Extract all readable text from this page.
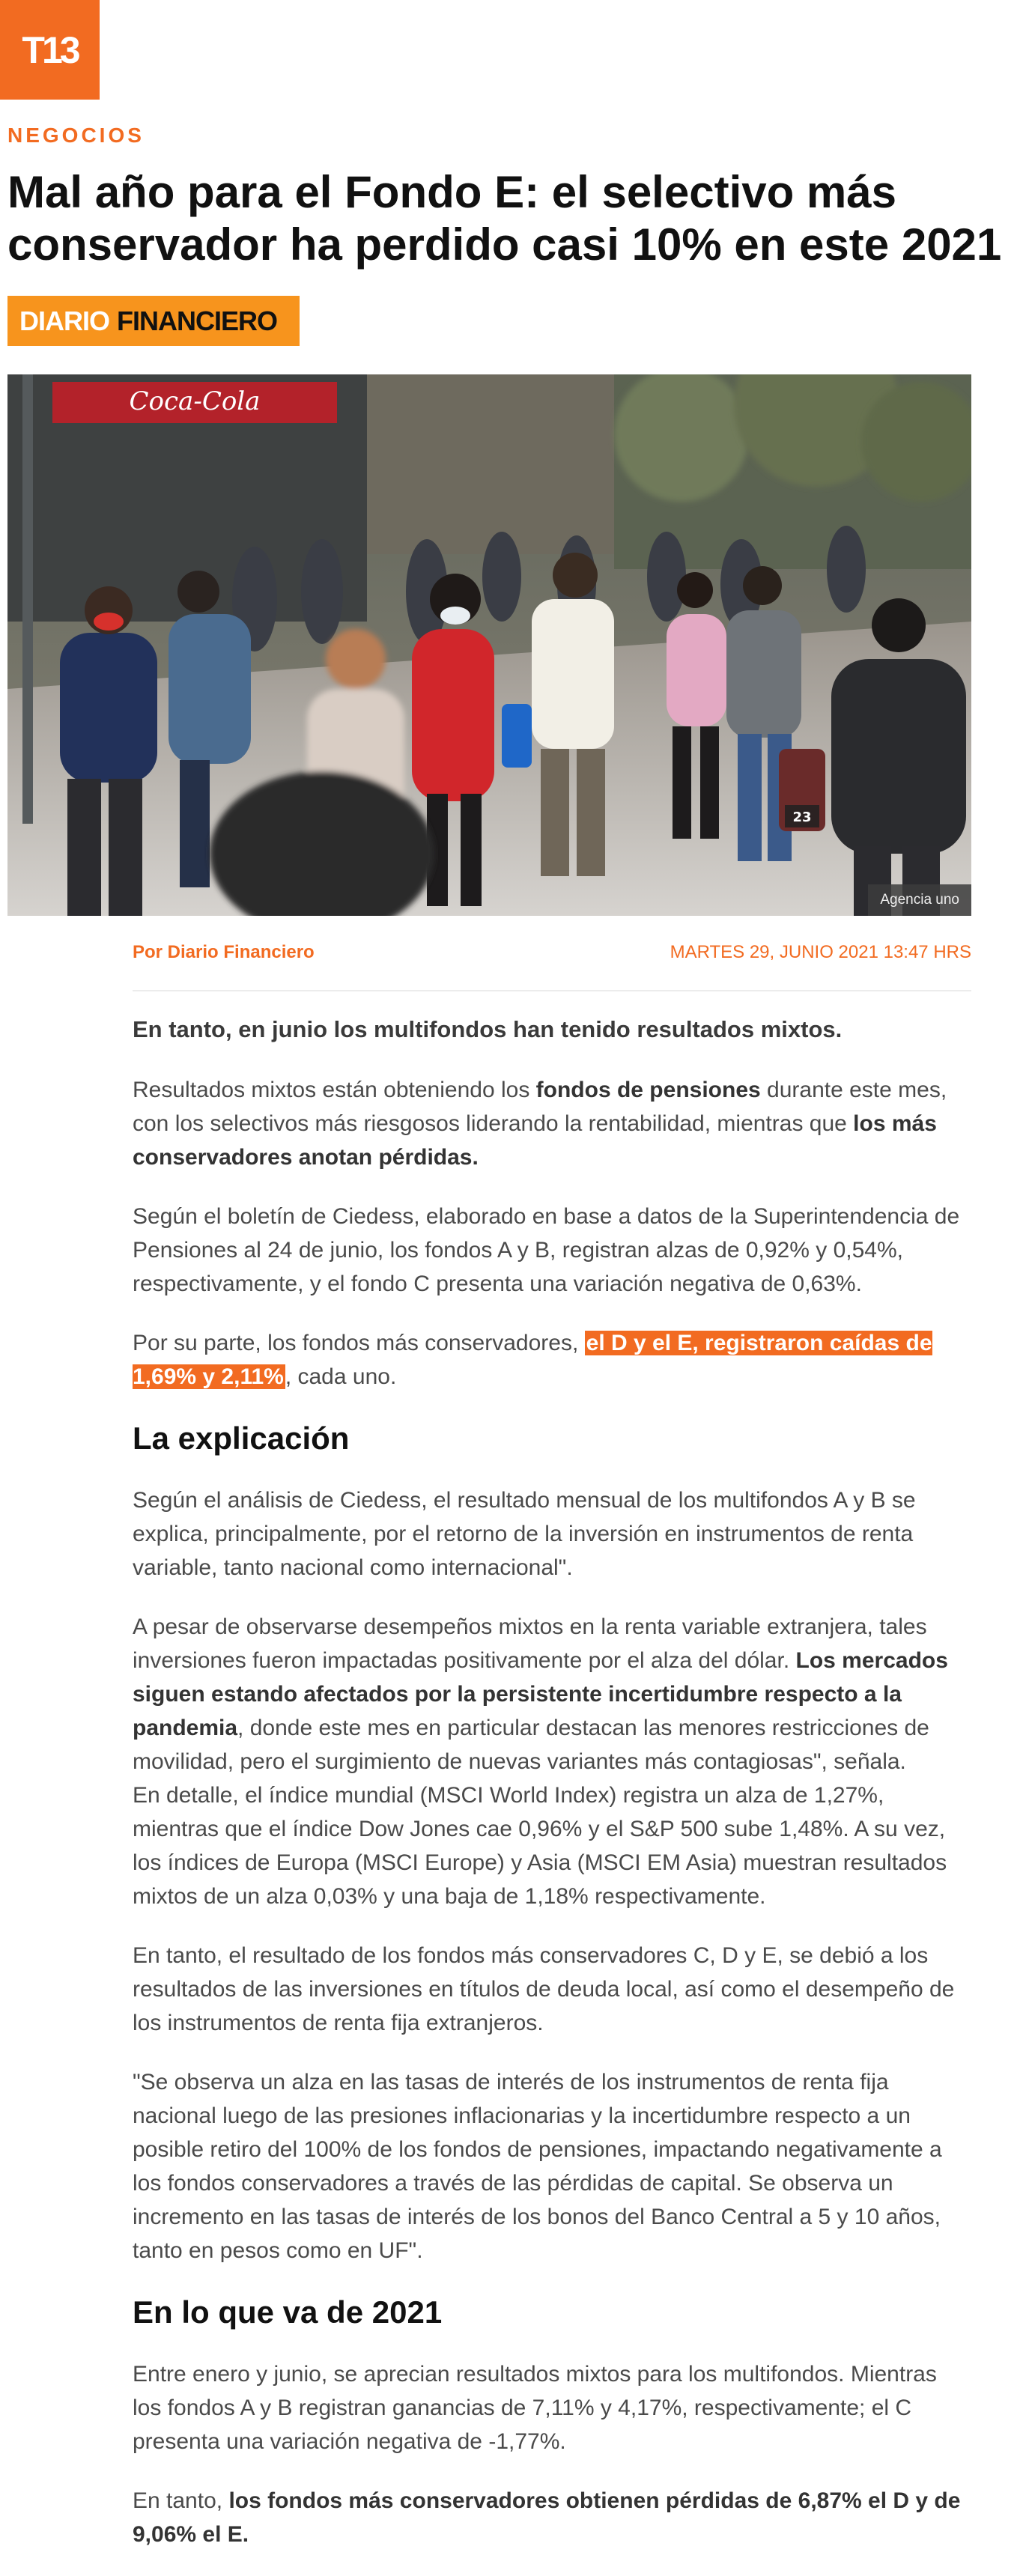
T13
NEGOCIOS
Mal año para el Fondo E: el selectivo más conservador ha perdido casi 10% en este 2021
DIARIO FINANCIERO
Coca-Cola
23
Agencia uno
Por Diario Financiero	MARTES 29, JUNIO 2021 13:47 HRS

En tanto, en junio los multifondos han tenido resultados mixtos.

Resultados mixtos están obteniendo los fondos de pensiones durante este mes, con los selectivos más riesgosos liderando la rentabilidad, mientras que los más conservadores anotan pérdidas.

Según el boletín de Ciedess, elaborado en base a datos de la Superintendencia de Pensiones al 24 de junio, los fondos A y B, registran alzas de 0,92% y 0,54%, respectivamente, y el fondo C presenta una variación negativa de 0,63%.

Por su parte, los fondos más conservadores, el D y el E, registraron caídas de 1,69% y 2,11%, cada uno.

La explicación

Según el análisis de Ciedess, el resultado mensual de los multifondos A y B se explica, principalmente, por el retorno de la inversión en instrumentos de renta variable, tanto nacional como internacional".

A pesar de observarse desempeños mixtos en la renta variable extranjera, tales inversiones fueron impactadas positivamente por el alza del dólar. Los mercados siguen estando afectados por la persistente incertidumbre respecto a la pandemia, donde este mes en particular destacan las menores restricciones de movilidad, pero el surgimiento de nuevas variantes más contagiosas", señala.

En detalle, el índice mundial (MSCI World Index) registra un alza de 1,27%, mientras que el índice Dow Jones cae 0,96% y el S&P 500 sube 1,48%. A su vez, los índices de Europa (MSCI Europe) y Asia (MSCI EM Asia) muestran resultados mixtos de un alza 0,03% y una baja de 1,18% respectivamente.

En tanto, el resultado de los fondos más conservadores C, D y E, se debió a los resultados de las inversiones en títulos de deuda local, así como el desempeño de los instrumentos de renta fija extranjeros.

"Se observa un alza en las tasas de interés de los instrumentos de renta fija nacional luego de las presiones inflacionarias y la incertidumbre respecto a un posible retiro del 100% de los fondos de pensiones, impactando negativamente a los fondos conservadores a través de las pérdidas de capital. Se observa un incremento en las tasas de interés de los bonos del Banco Central a 5 y 10 años, tanto en pesos como en UF".

En lo que va de 2021

Entre enero y junio, se aprecian resultados mixtos para los multifondos. Mientras los fondos A y B registran ganancias de 7,11% y 4,17%, respectivamente; el C presenta una variación negativa de -1,77%.

En tanto, los fondos más conservadores obtienen pérdidas de 6,87% el D y de 9,06% el E.
